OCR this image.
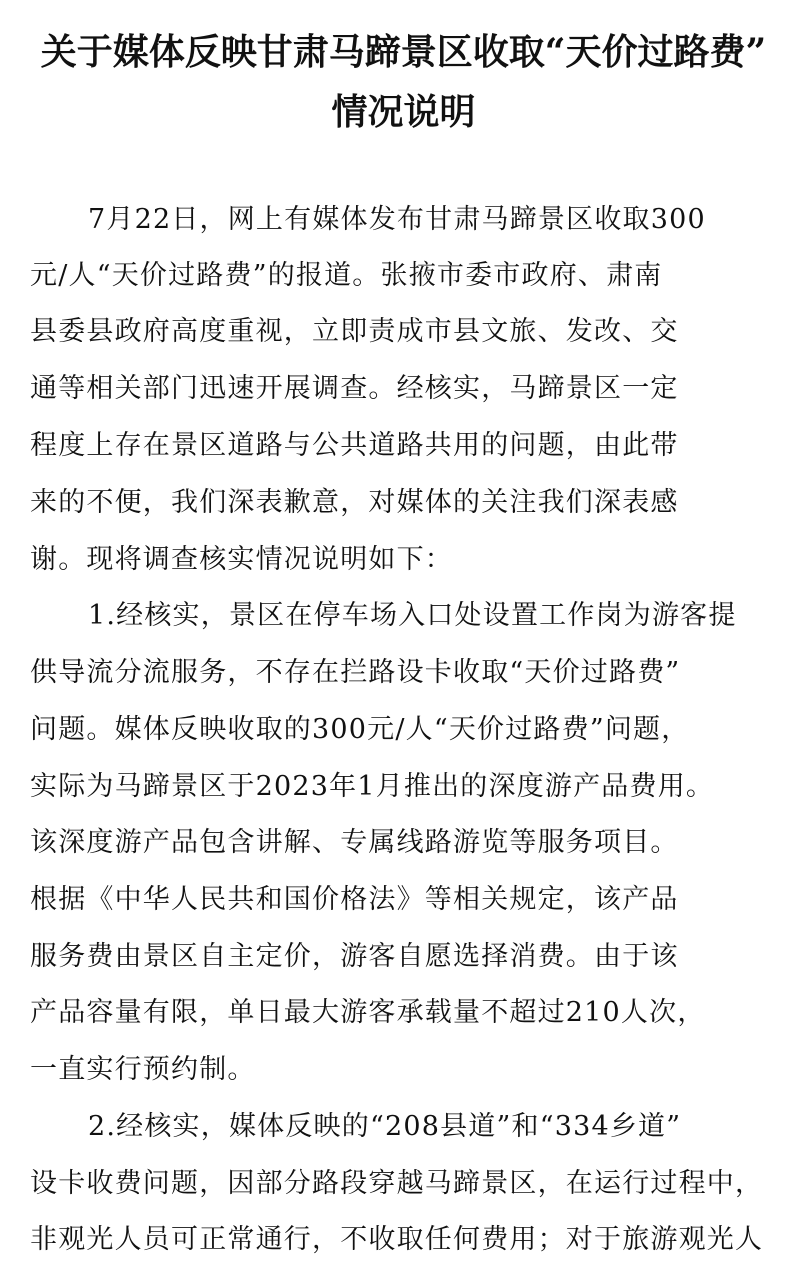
关于媒体反映甘肃马蹄景区收取“天价过路费”
情况说明
7月22日，网上有媒体发布甘肃马蹄景区收取300
元/人“天价过路费”的报道。张掖市委市政府、肃南
县委县政府高度重视，立即责成市县文旅、发改、交
通等相关部门迅速开展调查。经核实，马蹄景区一定
程度上存在景区道路与公共道路共用的问题，由此带
来的不便，我们深表歉意，对媒体的关注我们深表感
谢。现将调查核实情况说明如下：
1.经核实，景区在停车场入口处设置工作岗为游客提
供导流分流服务，不存在拦路设卡收取“天价过路费”
问题。媒体反映收取的300元/人“天价过路费”问题，
实际为马蹄景区于2023年1月推出的深度游产品费用。
该深度游产品包含讲解、专属线路游览等服务项目。
根据《中华人民共和国价格法》等相关规定，该产品
服务费由景区自主定价，游客自愿选择消费。由于该
产品容量有限，单日最大游客承载量不超过210人次，
一直实行预约制。
2.经核实，媒体反映的“208县道”和“334乡道”
设卡收费问题，因部分路段穿越马蹄景区，在运行过程中，
非观光人员可正常通行，不收取任何费用；对于旅游观光人
